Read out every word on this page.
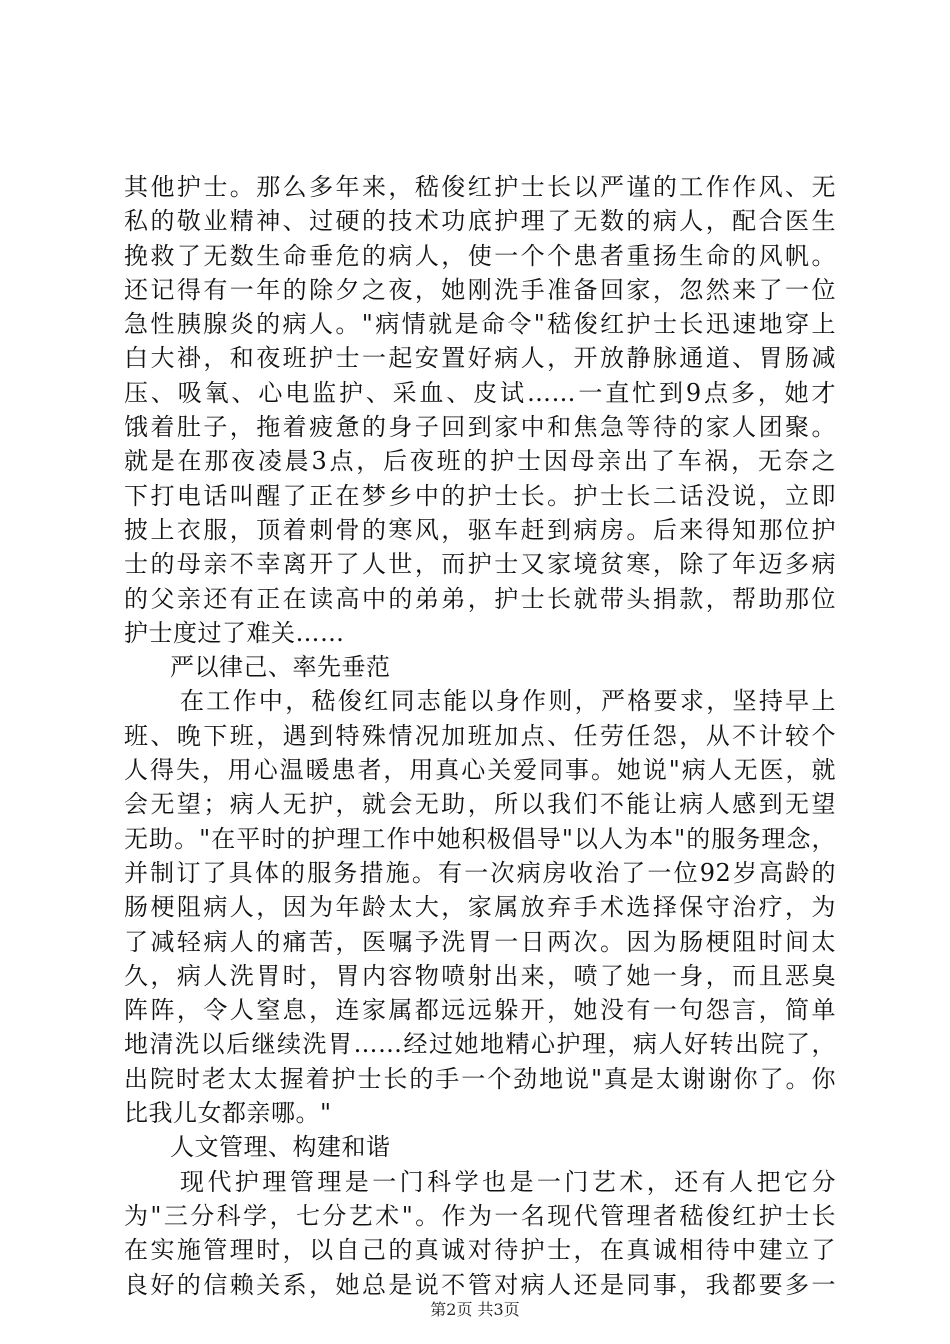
其他护士。那么多年来，嵇俊红护士长以严谨的工作作风、无
私的敬业精神、过硬的技术功底护理了无数的病人，配合医生
挽救了无数生命垂危的病人，使一个个患者重扬生命的风帆。
还记得有一年的除夕之夜，她刚洗手准备回家，忽然来了一位
急性胰腺炎的病人。"病情就是命令"嵇俊红护士长迅速地穿上
白大褂，和夜班护士一起安置好病人，开放静脉通道、胃肠减
压、吸氧、心电监护、采血、皮试……一直忙到9点多，她才
饿着肚子，拖着疲惫的身子回到家中和焦急等待的家人团聚。
就是在那夜凌晨3点，后夜班的护士因母亲出了车祸，无奈之
下打电话叫醒了正在梦乡中的护士长。护士长二话没说，立即
披上衣服，顶着刺骨的寒风，驱车赶到病房。后来得知那位护
士的母亲不幸离开了人世，而护士又家境贫寒，除了年迈多病
的父亲还有正在读高中的弟弟，护士长就带头捐款，帮助那位
护士度过了难关……
严以律己、率先垂范
在工作中，嵇俊红同志能以身作则，严格要求，坚持早上
班、晚下班，遇到特殊情况加班加点、任劳任怨，从不计较个
人得失，用心温暖患者，用真心关爱同事。她说"病人无医，就
会无望；病人无护，就会无助，所以我们不能让病人感到无望
无助。"在平时的护理工作中她积极倡导"以人为本"的服务理念，
并制订了具体的服务措施。有一次病房收治了一位92岁高龄的
肠梗阻病人，因为年龄太大，家属放弃手术选择保守治疗，为
了减轻病人的痛苦，医嘱予洗胃一日两次。因为肠梗阻时间太
久，病人洗胃时，胃内容物喷射出来，喷了她一身，而且恶臭
阵阵，令人窒息，连家属都远远躲开，她没有一句怨言，简单
地清洗以后继续洗胃……经过她地精心护理，病人好转出院了，
出院时老太太握着护士长的手一个劲地说"真是太谢谢你了。你
比我儿女都亲哪。"
人文管理、构建和谐
现代护理管理是一门科学也是一门艺术，还有人把它分
为"三分科学，七分艺术"。作为一名现代管理者嵇俊红护士长
在实施管理时，以自己的真诚对待护士，在真诚相待中建立了
良好的信赖关系，她总是说不管对病人还是同事，我都要多一
第2页 共3页
